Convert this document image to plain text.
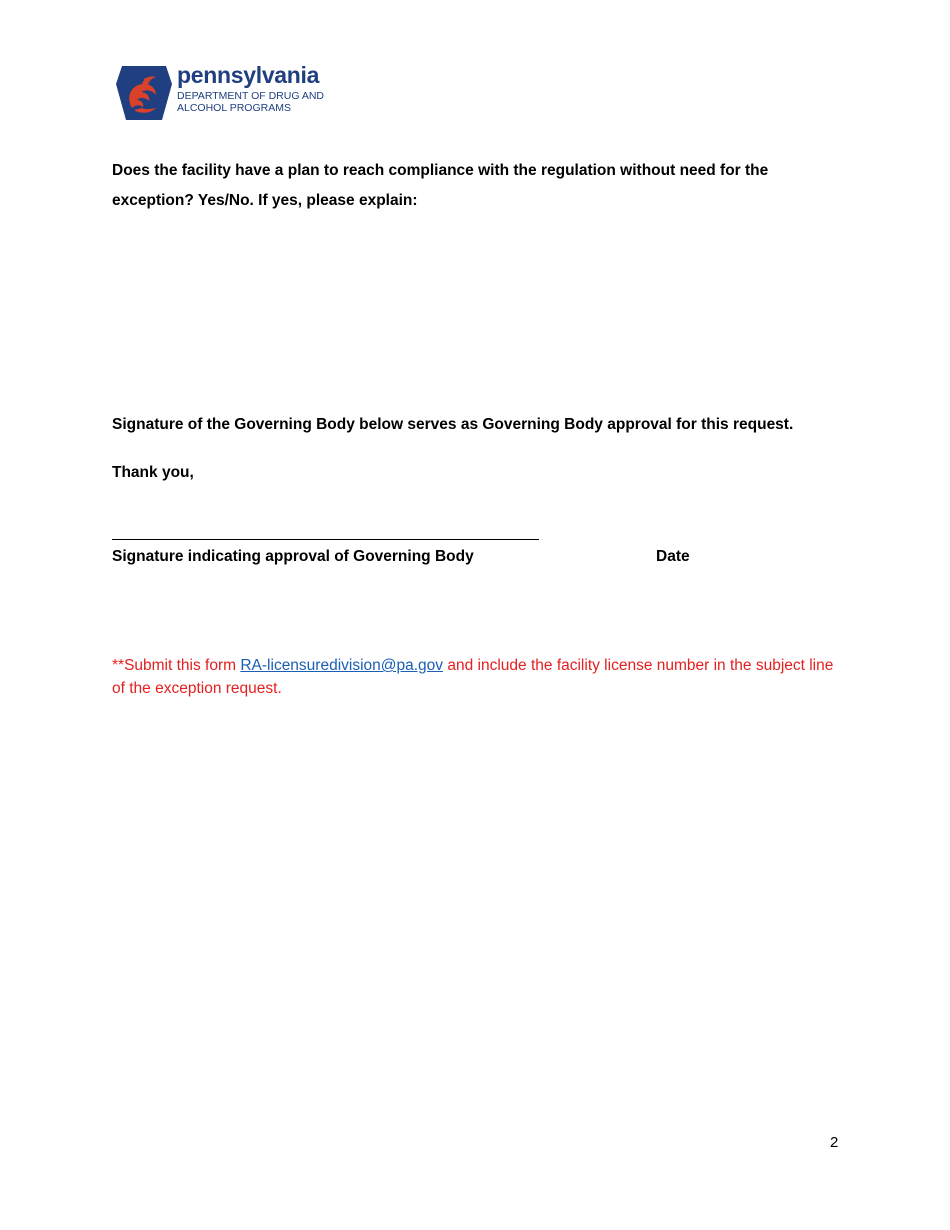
pennsylvania
DEPARTMENT OF DRUG AND
ALCOHOL PROGRAMS
Does the facility have a plan to reach compliance with the regulation without need for the exception? Yes/No. If yes, please explain:
Signature of the Governing Body below serves as Governing Body approval for this request.
Thank you,
Signature indicating approval of Governing Body	Date
**Submit this form RA-licensuredivision@pa.gov and include the facility license number in the subject line of the exception request.
2
